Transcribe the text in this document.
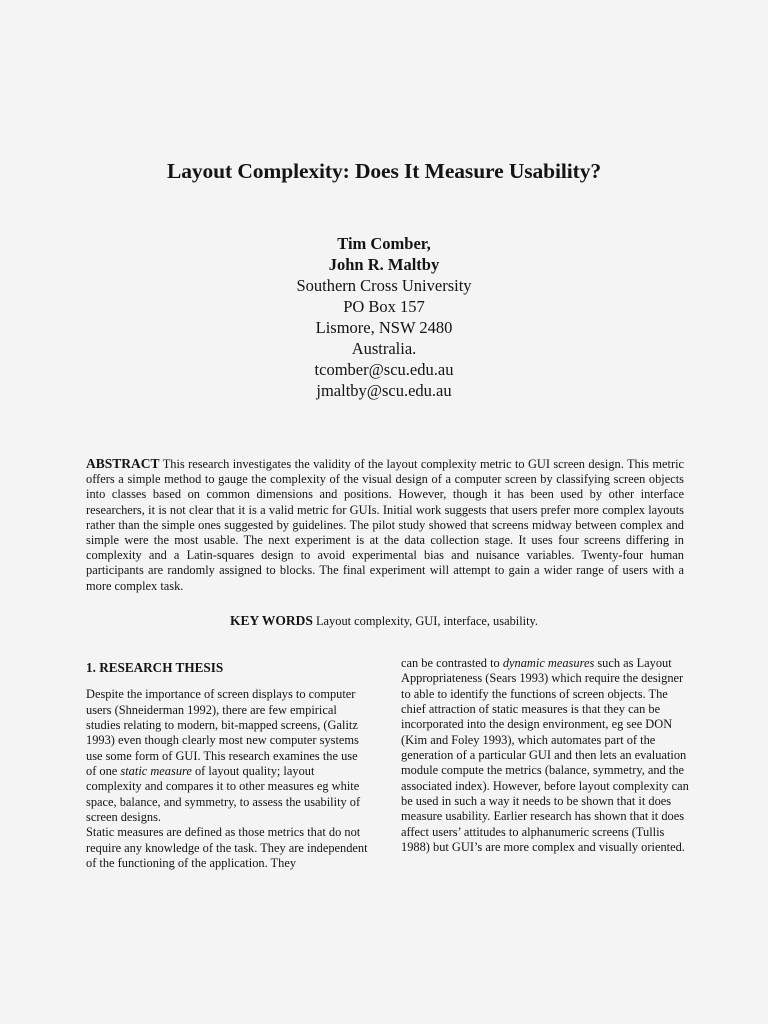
Layout Complexity: Does It Measure Usability?
Tim Comber,
John R. Maltby
Southern Cross University
PO Box 157
Lismore, NSW 2480
Australia.
tcomber@scu.edu.au
jmaltby@scu.edu.au
ABSTRACT This research investigates the validity of the layout complexity metric to GUI screen design. This metric offers a simple method to gauge the complexity of the visual design of a computer screen by classifying screen objects into classes based on common dimensions and positions. However, though it has been used by other interface researchers, it is not clear that it is a valid metric for GUIs. Initial work suggests that users prefer more complex layouts rather than the simple ones suggested by guidelines. The pilot study showed that screens midway between complex and simple were the most usable. The next experiment is at the data collection stage. It uses four screens differing in complexity and a Latin-squares design to avoid experimental bias and nuisance variables. Twenty-four human participants are randomly assigned to blocks. The final experiment will attempt to gain a wider range of users with a more complex task.
KEY WORDS Layout complexity, GUI, interface, usability.
1. RESEARCH THESIS

Despite the importance of screen displays to computer users (Shneiderman 1992), there are few empirical studies relating to modern, bit-mapped screens, (Galitz 1993) even though clearly most new computer systems use some form of GUI. This research examines the use of one static measure of layout quality; layout complexity and compares it to other measures eg white space, balance, and symmetry, to assess the usability of screen designs.

Static measures are defined as those metrics that do not require any knowledge of the task. They are independent of the functioning of the application. They

can be contrasted to dynamic measures such as Layout Appropriateness (Sears 1993) which require the designer to able to identify the functions of screen objects. The chief attraction of static measures is that they can be incorporated into the design environment, eg see DON (Kim and Foley 1993), which automates part of the generation of a particular GUI and then lets an evaluation module compute the metrics (balance, symmetry, and the associated index). However, before layout complexity can be used in such a way it needs to be shown that it does measure usability. Earlier research has shown that it does affect users’ attitudes to alphanumeric screens (Tullis 1988) but GUI’s are more complex and visually oriented.
